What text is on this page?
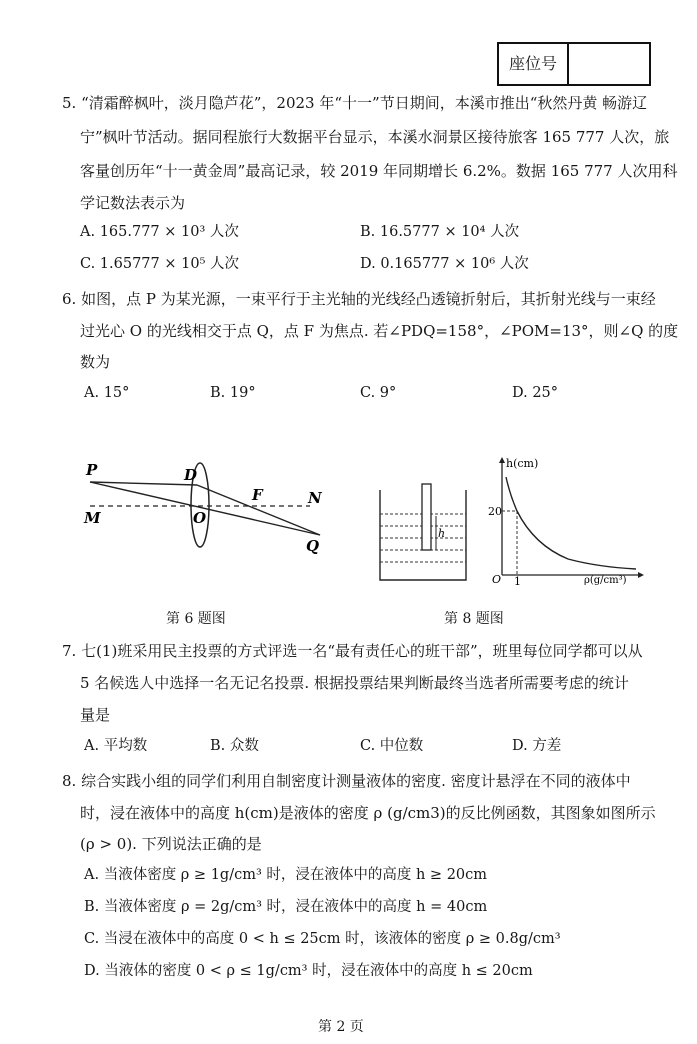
座位号
5. “清霜醉枫叶，淡月隐芦花”，2023 年“十一”节日期间，本溪市推出“秋然丹黄 畅游辽
宁”枫叶节活动。据同程旅行大数据平台显示，本溪水洞景区接待旅客 165 777 人次，旅
客量创历年“十一黄金周”最高记录，较 2019 年同期增长 6.2%。数据 165 777 人次用科
学记数法表示为
A. 165.777 × 10³ 人次	B. 16.5777 × 10⁴ 人次
C. 1.65777 × 10⁵ 人次	D. 0.165777 × 10⁶ 人次
6. 如图，点 P 为某光源，一束平行于主光轴的光线经凸透镜折射后，其折射光线与一束经
过光心 O 的光线相交于点 Q，点 F 为焦点. 若∠PDQ=158°，∠POM=13°，则∠Q 的度
数为
A. 15°	B. 19°	C. 9°	D. 25°
P	D
F	N
M	O
Q
h
h(cm)
20
1
O	ρ(g/cm³)
第 6 题图	第 8 题图
7. 七(1)班采用民主投票的方式评选一名“最有责任心的班干部”，班里每位同学都可以从
5 名候选人中选择一名无记名投票. 根据投票结果判断最终当选者所需要考虑的统计
量是
A. 平均数	B. 众数	C. 中位数	D. 方差
8. 综合实践小组的同学们利用自制密度计测量液体的密度. 密度计悬浮在不同的液体中
时，浸在液体中的高度 h(cm)是液体的密度 ρ (g/cm3)的反比例函数，其图象如图所示
(ρ > 0). 下列说法正确的是
A. 当液体密度 ρ ≥ 1g/cm³ 时，浸在液体中的高度 h ≥ 20cm
B. 当液体密度 ρ = 2g/cm³ 时，浸在液体中的高度 h = 40cm
C. 当浸在液体中的高度 0 < h ≤ 25cm 时，该液体的密度 ρ ≥ 0.8g/cm³
D. 当液体的密度 0 < ρ ≤ 1g/cm³ 时，浸在液体中的高度 h ≤ 20cm
第 2 页
